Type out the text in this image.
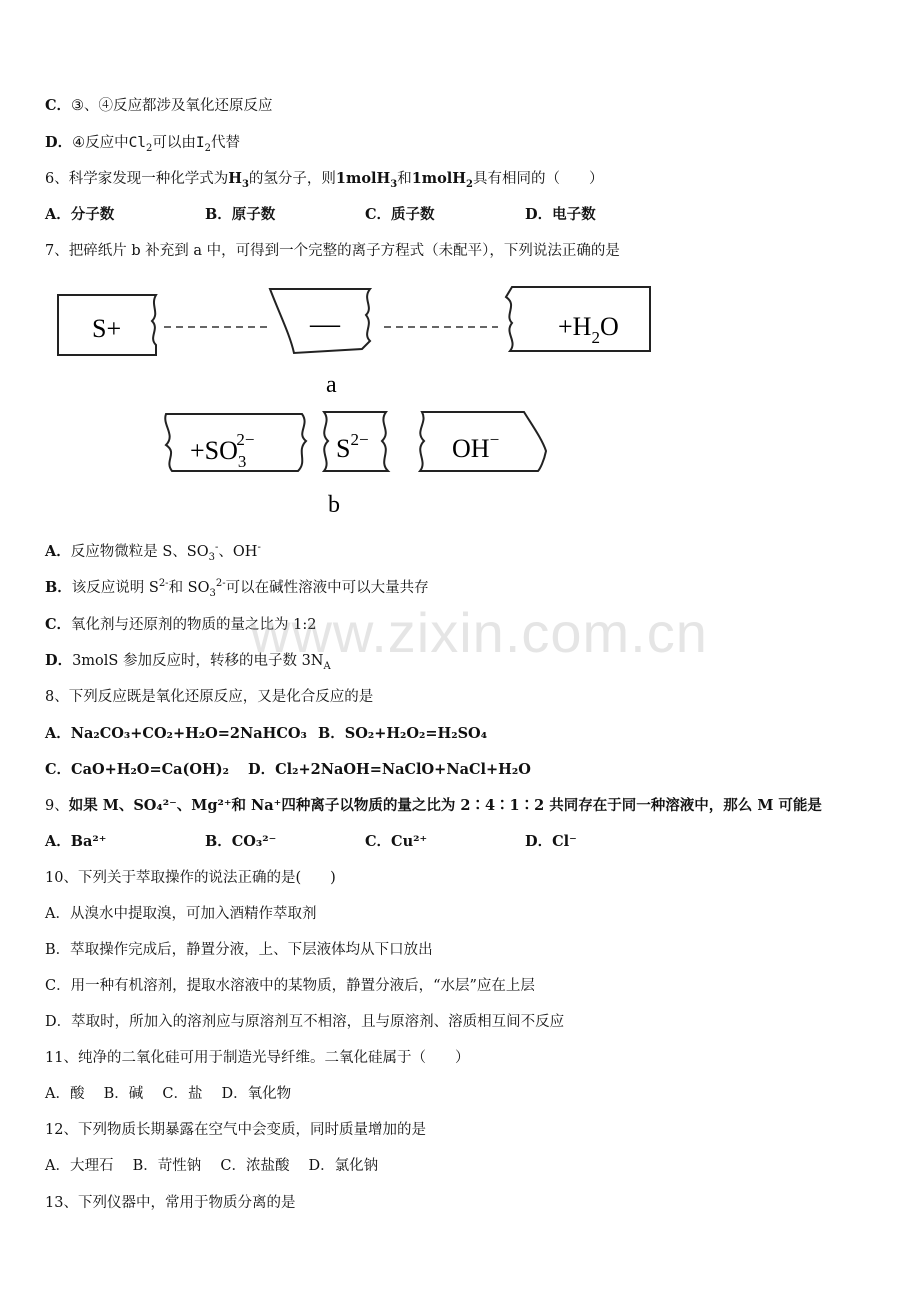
C．③、④反应都涉及氧化还原反应
D．④反应中$Cl_2$可以由$I_2$代替
6、科学家发现一种化学式为$H_3$的氢分子，则1molH$_3$和1molH$_2$具有相同的（　　）
A．分子数	B．原子数	C．质子数	D．电子数
7、把碎纸片 b 补充到 a 中，可得到一个完整的离子方程式（未配平），下列说法正确的是
S+	—	$+H_2O$
a
$+SO_32-$	$S^{2-}$	OH−
b
A．反应物微粒是 S、$SO_3^-$、OH-
B．该反应说明 $S^{2-}$和 $SO_3^{2-}$可以在碱性溶液中可以大量共存
C．氧化剂与还原剂的物质的量之比为 1:2
D．3molS 参加反应时，转移的电子数 $3N_A$
www.zixin.com.cn
8、下列反应既是氧化还原反应，又是化合反应的是
A．Na₂CO₃+CO₂+H₂O=2NaHCO₃ B．SO₂+H₂O₂=H₂SO₄
C．CaO+H₂O=Ca(OH)₂ D．Cl₂+2NaOH=NaClO+NaCl+H₂O
9、如果 M、SO₄²⁻、Mg²⁺和 Na⁺四种离子以物质的量之比为 2∶4∶1∶2 共同存在于同一种溶液中，那么 M 可能是
A．Ba²⁺	B．CO₃²⁻	C．Cu²⁺	D．Cl⁻
10、下列关于萃取操作的说法正确的是(　　)
A．从溴水中提取溴，可加入酒精作萃取剂
B．萃取操作完成后，静置分液，上、下层液体均从下口放出
C．用一种有机溶剂，提取水溶液中的某物质，静置分液后，“水层”应在上层
D．萃取时，所加入的溶剂应与原溶剂互不相溶，且与原溶剂、溶质相互间不反应
11、纯净的二氧化硅可用于制造光导纤维。二氧化硅属于（　　）
A．酸　 B．碱　 C．盐　 D．氧化物
12、下列物质长期暴露在空气中会变质，同时质量增加的是
A．大理石　 B．苛性钠　 C．浓盐酸　 D．氯化钠
13、下列仪器中，常用于物质分离的是
